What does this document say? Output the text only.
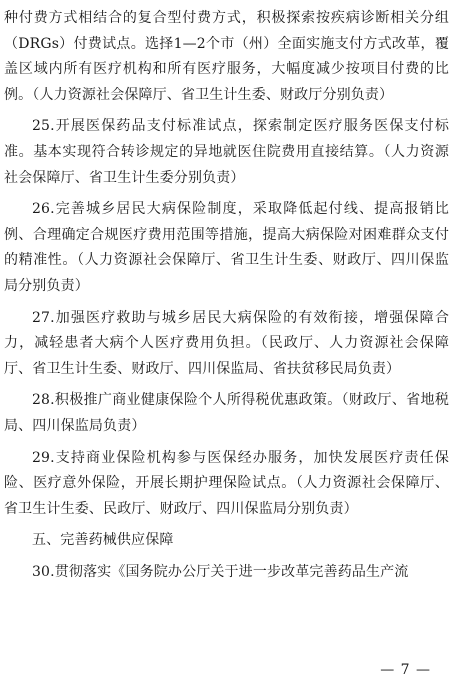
种付费方式相结合的复合型付费方式，积极探索按疾病诊断相关分组（DRGs）付费试点。选择1—2个市（州）全面实施支付方式改革，覆盖区域内所有医疗机构和所有医疗服务，大幅度减少按项目付费的比例。（人力资源社会保障厅、省卫生计生委、财政厅分别负责）

25.开展医保药品支付标准试点，探索制定医疗服务医保支付标准。基本实现符合转诊规定的异地就医住院费用直接结算。（人力资源社会保障厅、省卫生计生委分别负责）

26.完善城乡居民大病保险制度，采取降低起付线、提高报销比例、合理确定合规医疗费用范围等措施，提高大病保险对困难群众支付的精准性。（人力资源社会保障厅、省卫生计生委、财政厅、四川保监局分别负责）

27.加强医疗救助与城乡居民大病保险的有效衔接，增强保障合力，减轻患者大病个人医疗费用负担。（民政厅、人力资源社会保障厅、省卫生计生委、财政厅、四川保监局、省扶贫移民局负责）

28.积极推广商业健康保险个人所得税优惠政策。（财政厅、省地税局、四川保监局负责）

29.支持商业保险机构参与医保经办服务，加快发展医疗责任保险、医疗意外保险，开展长期护理保险试点。（人力资源社会保障厅、省卫生计生委、民政厅、财政厅、四川保监局分别负责）

五、完善药械供应保障

30.贯彻落实《国务院办公厅关于进一步改革完善药品生产流

— 7 —
